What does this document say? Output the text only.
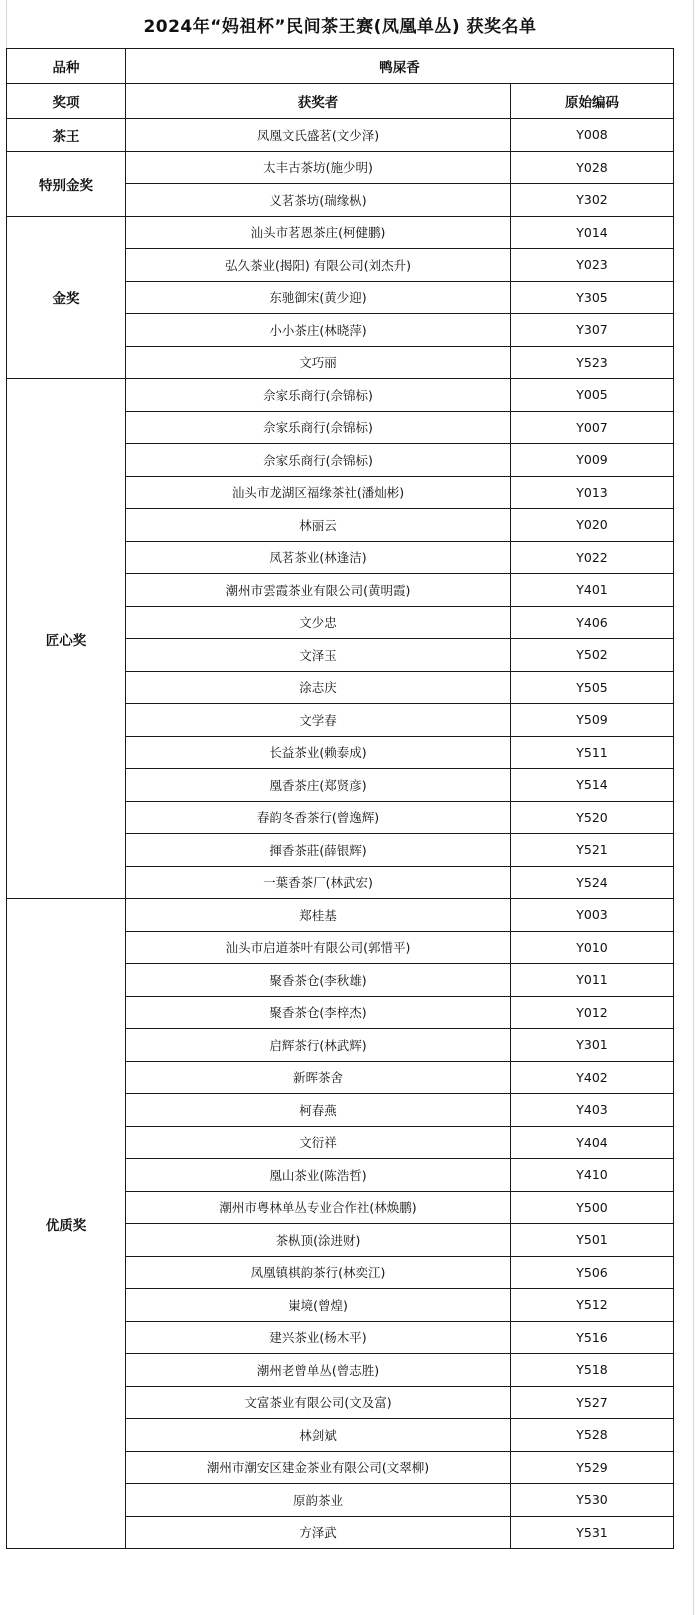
2024年“妈祖杯”民间茶王赛(凤凰单丛) 获奖名单
品种	鸭屎香	
奖项	获奖者	原始编码
茶王	凤凰文氏盛茗(文少泽)	Y008
特别金奖	太丰古茶坊(施少明)	Y028
	义茗茶坊(瑞缘枞)	Y302
金奖	汕头市茗恩茶庄(柯健鹏)	Y014
	弘久茶业(揭阳) 有限公司(刘杰升)	Y023
	东驰御宋(黄少迎)	Y305
	小小茶庄(林晓萍)	Y307
	文巧丽	Y523
匠心奖	佘家乐商行(佘锦标)	Y005
	佘家乐商行(佘锦标)	Y007
	佘家乐商行(佘锦标)	Y009
	汕头市龙湖区福缘茶社(潘灿彬)	Y013
	林丽云	Y020
	凤茗茶业(林逢洁)	Y022
	潮州市雲霞茶业有限公司(黄明霞)	Y401
	文少忠	Y406
	文泽玉	Y502
	涂志庆	Y505
	文学春	Y509
	长益茶业(赖泰成)	Y511
	凰香茶庄(郑贤彦)	Y514
	春韵冬香茶行(曾逸辉)	Y520
	揮香茶莊(薛银辉)	Y521
	一葉香茶厂(林武宏)	Y524
优质奖	郑桂基	Y003
	汕头市启道茶叶有限公司(郭惜平)	Y010
	聚香茶仓(李秋雄)	Y011
	聚香茶仓(李梓杰)	Y012
	启辉茶行(林武辉)	Y301
	新晖茶舍	Y402
	柯春燕	Y403
	文衍祥	Y404
	凰山茶业(陈浩哲)	Y410
	潮州市粤林单丛专业合作社(林焕鹏)	Y500
	茶枞顶(涂进财)	Y501
	凤凰镇棋韵茶行(林奕江)	Y506
	崬境(曾煌)	Y512
	建兴茶业(杨木平)	Y516
	潮州老曾单丛(曾志胜)	Y518
	文富茶业有限公司(文及富)	Y527
	林剑斌	Y528
	潮州市潮安区建金茶业有限公司(文翠柳)	Y529
	原韵茶业	Y530
	方泽武	Y531
